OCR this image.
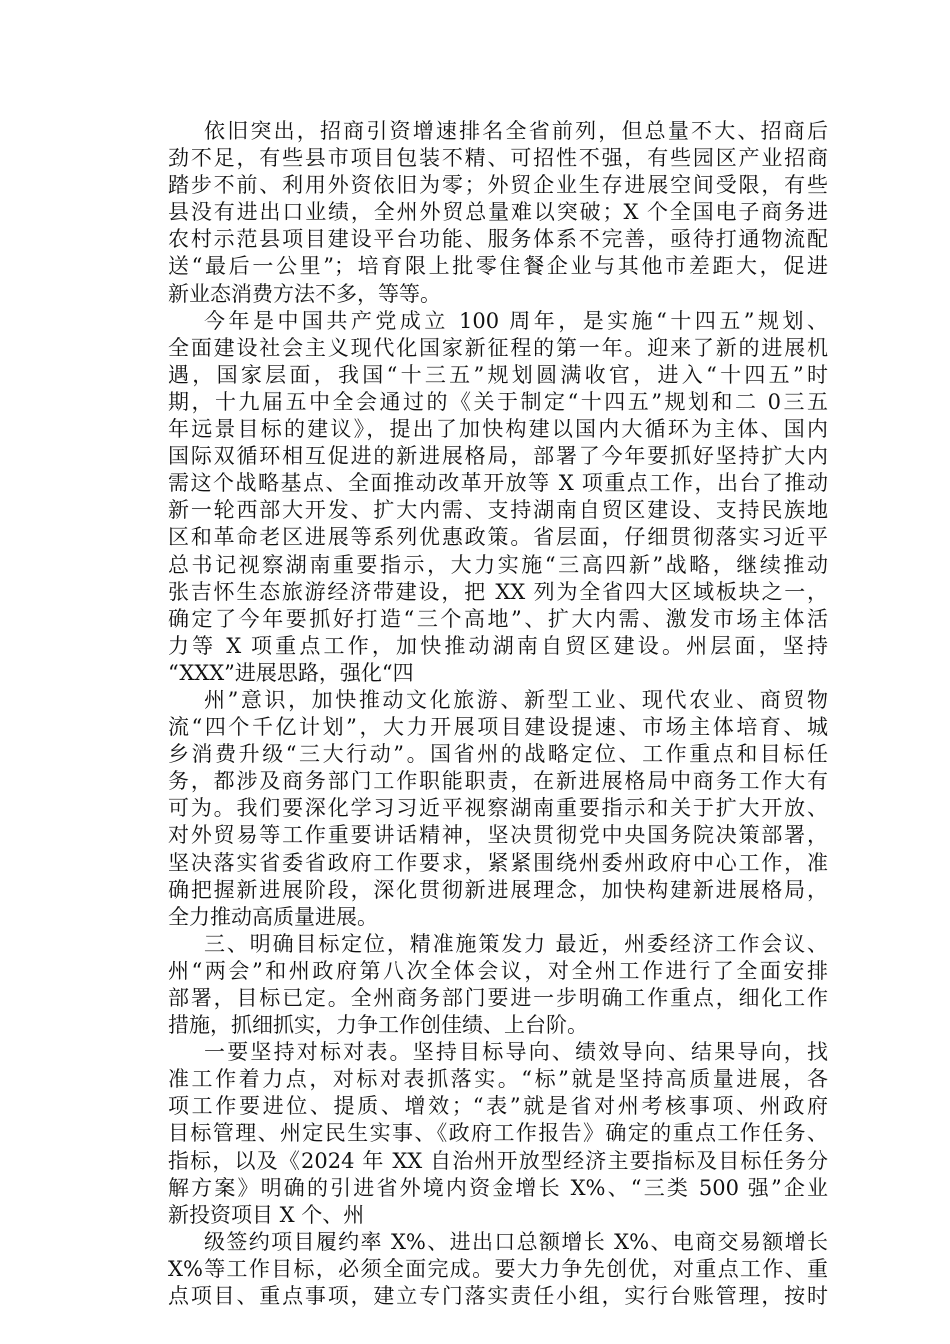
依旧突出，招商引资增速排名全省前列，但总量不大、招商后
劲不足，有些县市项目包装不精、可招性不强，有些园区产业招商
踏步不前、利用外资依旧为零；外贸企业生存进展空间受限，有些
县没有进出口业绩，全州外贸总量难以突破；X 个全国电子商务进
农村示范县项目建设平台功能、服务体系不完善，亟待打通物流配
送“最后一公里”；培育限上批零住餐企业与其他市差距大，促进
新业态消费方法不多，等等。
今年是中国共产党成立 100 周年，是实施“十四五”规划、
全面建设社会主义现代化国家新征程的第一年。迎来了新的进展机
遇，国家层面，我国“十三五”规划圆满收官，进入“十四五”时
期，十九届五中全会通过的《关于制定“十四五”规划和二 0三五
年远景目标的建议》，提出了加快构建以国内大循环为主体、国内
国际双循环相互促进的新进展格局，部署了今年要抓好坚持扩大内
需这个战略基点、全面推动改革开放等 X 项重点工作，出台了推动
新一轮西部大开发、扩大内需、支持湖南自贸区建设、支持民族地
区和革命老区进展等系列优惠政策。省层面，仔细贯彻落实习近平
总书记视察湖南重要指示，大力实施“三高四新”战略，继续推动
张吉怀生态旅游经济带建设，把 XX 列为全省四大区域板块之一，
确定了今年要抓好打造“三个高地”、扩大内需、激发市场主体活
力等 X 项重点工作，加快推动湖南自贸区建设。州层面，坚持
“XXX”进展思路，强化“四
州”意识，加快推动文化旅游、新型工业、现代农业、商贸物
流“四个千亿计划”，大力开展项目建设提速、市场主体培育、城
乡消费升级“三大行动”。国省州的战略定位、工作重点和目标任
务，都涉及商务部门工作职能职责，在新进展格局中商务工作大有
可为。我们要深化学习习近平视察湖南重要指示和关于扩大开放、
对外贸易等工作重要讲话精神，坚决贯彻党中央国务院决策部署，
坚决落实省委省政府工作要求，紧紧围绕州委州政府中心工作，准
确把握新进展阶段，深化贯彻新进展理念，加快构建新进展格局，
全力推动高质量进展。
三、明确目标定位，精准施策发力 最近，州委经济工作会议、
州“两会”和州政府第八次全体会议，对全州工作进行了全面安排
部署，目标已定。全州商务部门要进一步明确工作重点，细化工作
措施，抓细抓实，力争工作创佳绩、上台阶。
一要坚持对标对表。坚持目标导向、绩效导向、结果导向，找
准工作着力点，对标对表抓落实。“标”就是坚持高质量进展，各
项工作要进位、提质、增效；“表”就是省对州考核事项、州政府
目标管理、州定民生实事、《政府工作报告》确定的重点工作任务、
指标，以及《2024 年 XX 自治州开放型经济主要指标及目标任务分
解方案》明确的引进省外境内资金增长 X%、“三类 500 强”企业
新投资项目 X 个、州
级签约项目履约率 X%、进出口总额增长 X%、电商交易额增长
X%等工作目标，必须全面完成。要大力争先创优，对重点工作、重
点项目、重点事项，建立专门落实责任小组，实行台账管理，按时
